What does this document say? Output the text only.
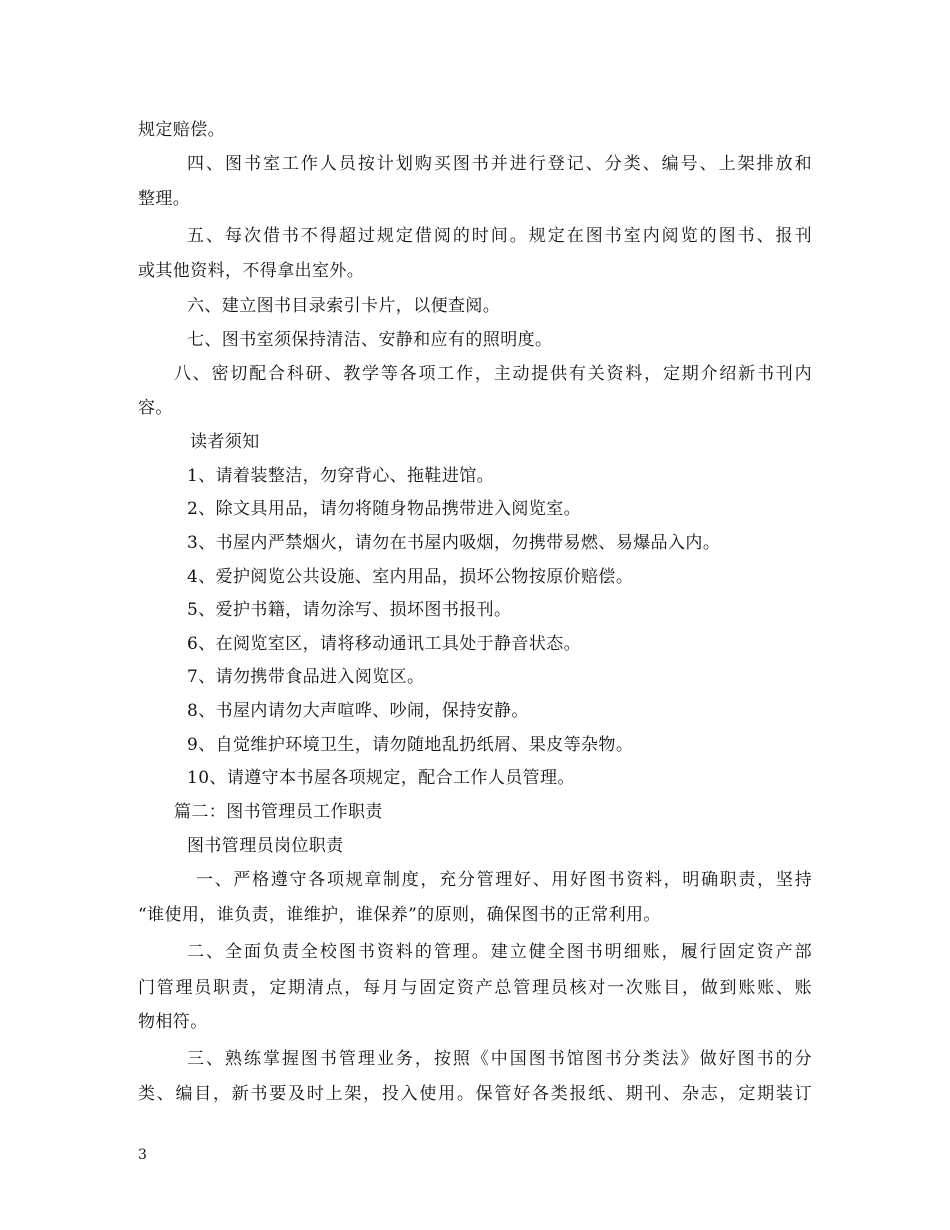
规定赔偿。
四、图书室工作人员按计划购买图书并进行登记、分类、编号、上架排放和
整理。
五、每次借书不得超过规定借阅的时间。规定在图书室内阅览的图书、报刊
或其他资料，不得拿出室外。
六、建立图书目录索引卡片，以便查阅。
七、图书室须保持清洁、安静和应有的照明度。
八、密切配合科研、教学等各项工作，主动提供有关资料，定期介绍新书刊内
容。
读者须知
1、请着装整洁，勿穿背心、拖鞋进馆。
2、除文具用品，请勿将随身物品携带进入阅览室。
3、书屋内严禁烟火，请勿在书屋内吸烟，勿携带易燃、易爆品入内。
4、爱护阅览公共设施、室内用品，损坏公物按原价赔偿。
5、爱护书籍，请勿涂写、损坏图书报刊。
6、在阅览室区，请将移动通讯工具处于静音状态。
7、请勿携带食品进入阅览区。
8、书屋内请勿大声喧哗、吵闹，保持安静。
9、自觉维护环境卫生，请勿随地乱扔纸屑、果皮等杂物。
10、请遵守本书屋各项规定，配合工作人员管理。
篇二：图书管理员工作职责
图书管理员岗位职责
一、严格遵守各项规章制度，充分管理好、用好图书资料，明确职责，坚持
“谁使用，谁负责，谁维护，谁保养”的原则，确保图书的正常利用。
二、全面负责全校图书资料的管理。建立健全图书明细账，履行固定资产部
门管理员职责，定期清点，每月与固定资产总管理员核对一次账目，做到账账、账
物相符。
三、熟练掌握图书管理业务，按照《中国图书馆图书分类法》做好图书的分
类、编目，新书要及时上架，投入使用。保管好各类报纸、期刊、杂志，定期装订
3
